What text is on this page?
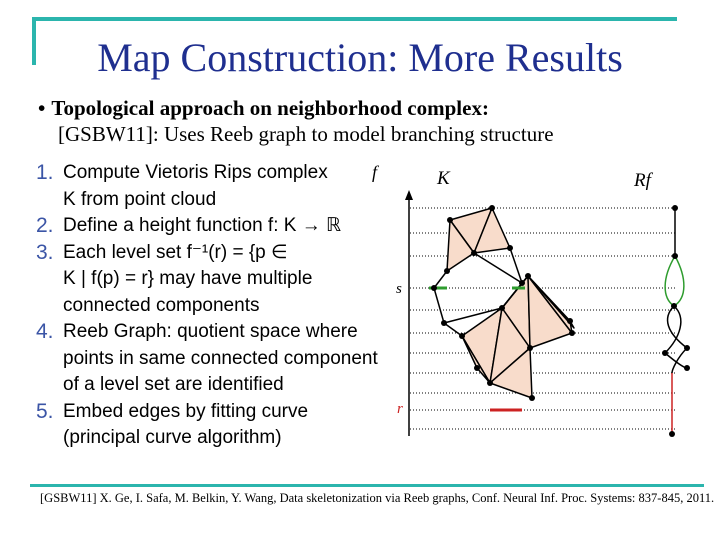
Map Construction: More Results
• Topological approach on neighborhood complex:
[GSBW11]: Uses Reeb graph to model branching structure
1. Compute Vietoris Rips complex
K from point cloud
2. Define a height function f: K → ℝ
3. Each level set f⁻¹(r) = {p ∈
K | f(p) = r} may have multiple
connected components
4. Reeb Graph: quotient space where
points in same connected component
of a level set are identified
5. Embed edges by fitting curve
(principal curve algorithm)
f	K	Rf
s
r
[GSBW11] X. Ge, I. Safa, M. Belkin, Y. Wang, Data skeletonization via Reeb graphs, Conf. Neural Inf. Proc. Systems: 837-845, 2011.
